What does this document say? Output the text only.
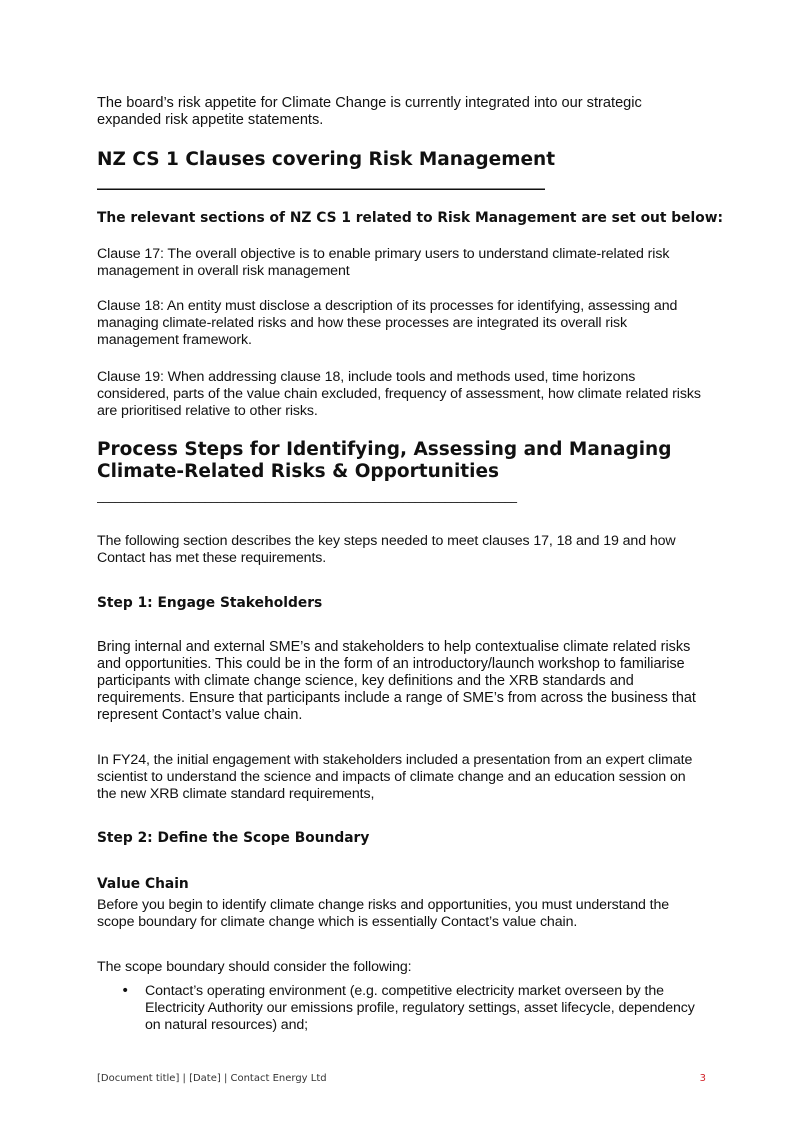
The board’s risk appetite for Climate Change is currently integrated into our strategic expanded risk appetite statements.

NZ CS 1 Clauses covering Risk Management
________________________________________________________
The relevant sections of NZ CS 1 related to Risk Management are set out below:

Clause 17: The overall objective is to enable primary users to understand climate-related risk management in overall risk management

Clause 18: An entity must disclose a description of its processes for identifying, assessing and managing climate-related risks and how these processes are integrated its overall risk management framework.

Clause 19: When addressing clause 18, include tools and methods used, time horizons considered, parts of the value chain excluded, frequency of assessment, how climate related risks are prioritised relative to other risks.

Process Steps for Identifying, Assessing and Managing Climate-Related Risks & Opportunities
______________________________________________________________________

The following section describes the key steps needed to meet clauses 17, 18 and 19 and how Contact has met these requirements.

Step 1: Engage Stakeholders

Bring internal and external SME’s and stakeholders to help contextualise climate related risks and opportunities. This could be in the form of an introductory/launch workshop to familiarise participants with climate change science, key definitions and the XRB standards and requirements. Ensure that participants include a range of SME’s from across the business that represent Contact’s value chain.

In FY24, the initial engagement with stakeholders included a presentation from an expert climate scientist to understand the science and impacts of climate change and an education session on the new XRB climate standard requirements,

Step 2: Define the Scope Boundary
Value Chain

Before you begin to identify climate change risks and opportunities, you must understand the scope boundary for climate change which is essentially Contact’s value chain.

The scope boundary should consider the following:

• Contact’s operating environment (e.g. competitive electricity market overseen by the Electricity Authority our emissions profile, regulatory settings, asset lifecycle, dependency on natural resources) and;
[Document title] | [Date] | Contact Energy Ltd	3
